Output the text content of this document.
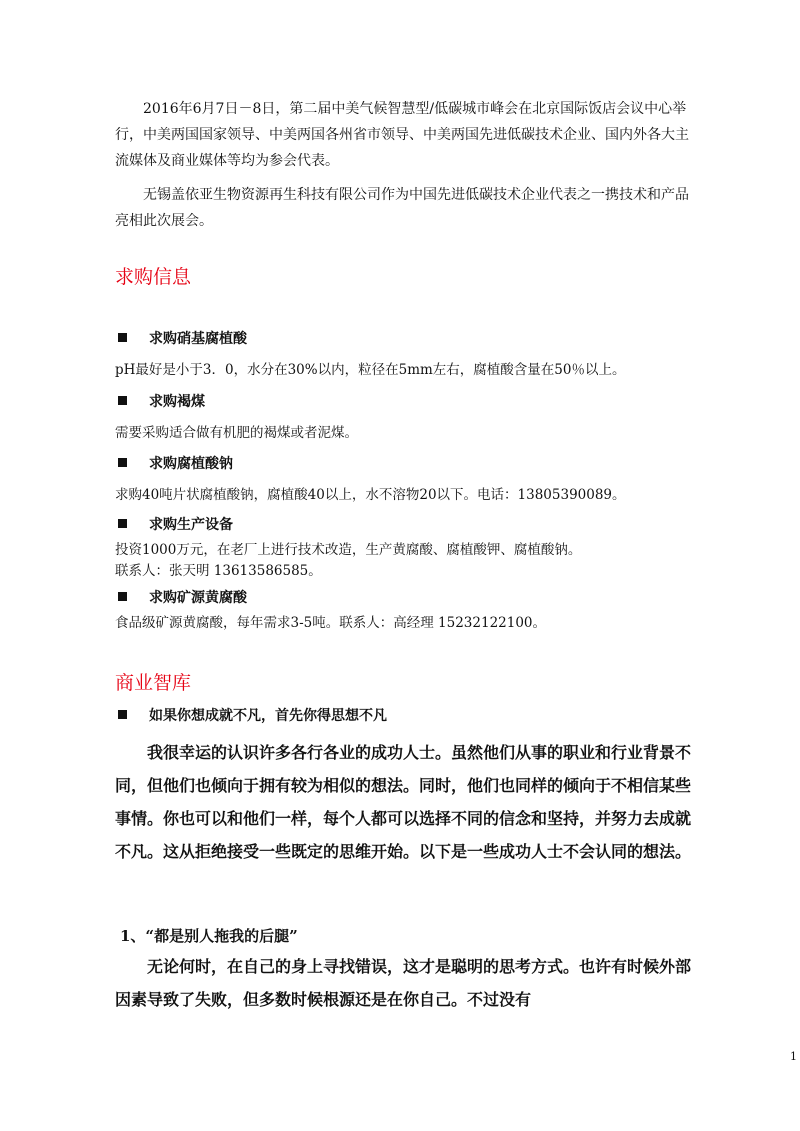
2016年6月7日－8日，第二届中美气候智慧型/低碳城市峰会在北京国际饭店会议中心举行，中美两国国家领导、中美两国各州省市领导、中美两国先进低碳技术企业、国内外各大主流媒体及商业媒体等均为参会代表。
无锡盖依亚生物资源再生科技有限公司作为中国先进低碳技术企业代表之一携技术和产品亮相此次展会。
求购信息
求购硝基腐植酸
pH最好是小于3．0，水分在30%以内，粒径在5mm左右，腐植酸含量在50％以上。
求购褐煤
需要采购适合做有机肥的褐煤或者泥煤。
求购腐植酸钠
求购40吨片状腐植酸钠，腐植酸40以上，水不溶物20以下。电话：13805390089。
求购生产设备
投资1000万元，在老厂上进行技术改造，生产黄腐酸、腐植酸钾、腐植酸钠。
联系人：张天明 13613586585。
求购矿源黄腐酸
食品级矿源黄腐酸，每年需求3-5吨。联系人：高经理 15232122100。
商业智库
如果你想成就不凡，首先你得思想不凡
我很幸运的认识许多各行各业的成功人士。虽然他们从事的职业和行业背景不同，但他们也倾向于拥有较为相似的想法。同时，他们也同样的倾向于不相信某些事情。你也可以和他们一样，每个人都可以选择不同的信念和坚持，并努力去成就不凡。这从拒绝接受一些既定的思维开始。以下是一些成功人士不会认同的想法。
1、“都是别人拖我的后腿”
无论何时，在自己的身上寻找错误，这才是聪明的思考方式。也许有时候外部因素导致了失败，但多数时候根源还是在你自己。不过没有
1
